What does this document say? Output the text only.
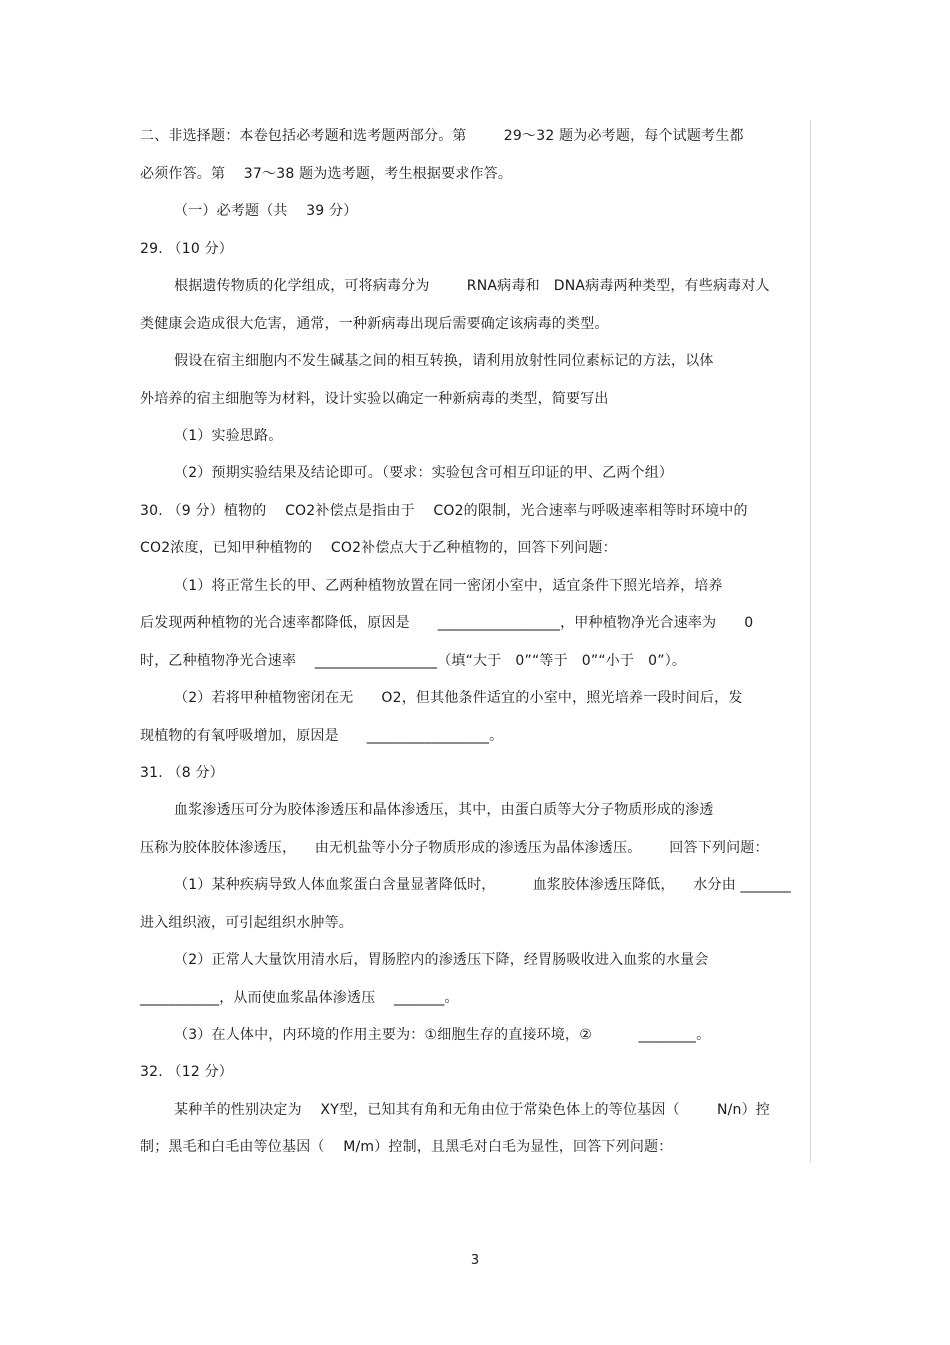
二、非选择题：本卷包括必考题和选考题两部分。第        29～32 题为必考题，每个试题考生都
必须作答。第    37～38 题为选考题，考生根据要求作答。
（一）必考题（共    39 分）
29. （10 分）
根据遗传物质的化学组成，可将病毒分为        RNA病毒和   DNA病毒两种类型，有些病毒对人
类健康会造成很大危害，通常，一种新病毒出现后需要确定该病毒的类型。
假设在宿主细胞内不发生碱基之间的相互转换，请利用放射性同位素标记的方法，以体
外培养的宿主细胞等为材料，设计实验以确定一种新病毒的类型，简要写出
（1）实验思路。
（2）预期实验结果及结论即可。（要求：实验包含可相互印证的甲、乙两个组）
30. （9 分）植物的    CO2补偿点是指由于    CO2的限制，光合速率与呼吸速率相等时环境中的
CO2浓度，已知甲种植物的    CO2补偿点大于乙种植物的，回答下列问题：
（1）将正常生长的甲、乙两种植物放置在同一密闭小室中，适宜条件下照光培养，培养
后发现两种植物的光合速率都降低，原因是      _________________，甲种植物净光合速率为      0
时，乙种植物净光合速率    _________________（填“大于   0”“等于   0”“小于   0”）。
（2）若将甲种植物密闭在无      O2，但其他条件适宜的小室中，照光培养一段时间后，发
现植物的有氧呼吸增加，原因是      _________________。
31. （8 分）
血浆渗透压可分为胶体渗透压和晶体渗透压，其中，由蛋白质等大分子物质形成的渗透
压称为胶体胶体渗透压，    由无机盐等小分子物质形成的渗透压为晶体渗透压。      回答下列问题：
（1）某种疾病导致人体血浆蛋白含量显著降低时，        血浆胶体渗透压降低，    水分由 _______
进入组织液，可引起组织水肿等。
（2）正常人大量饮用清水后，胃肠腔内的渗透压下降，经胃肠吸收进入血浆的水量会
___________，从而使血浆晶体渗透压    _______。
（3）在人体中，内环境的作用主要为：①细胞生存的直接环境，②          ________。
32. （12 分）
某种羊的性别决定为    XY型，已知其有角和无角由位于常染色体上的等位基因（        N/n）控
制；黑毛和白毛由等位基因（    M/m）控制，且黑毛对白毛为显性，回答下列问题：
3
